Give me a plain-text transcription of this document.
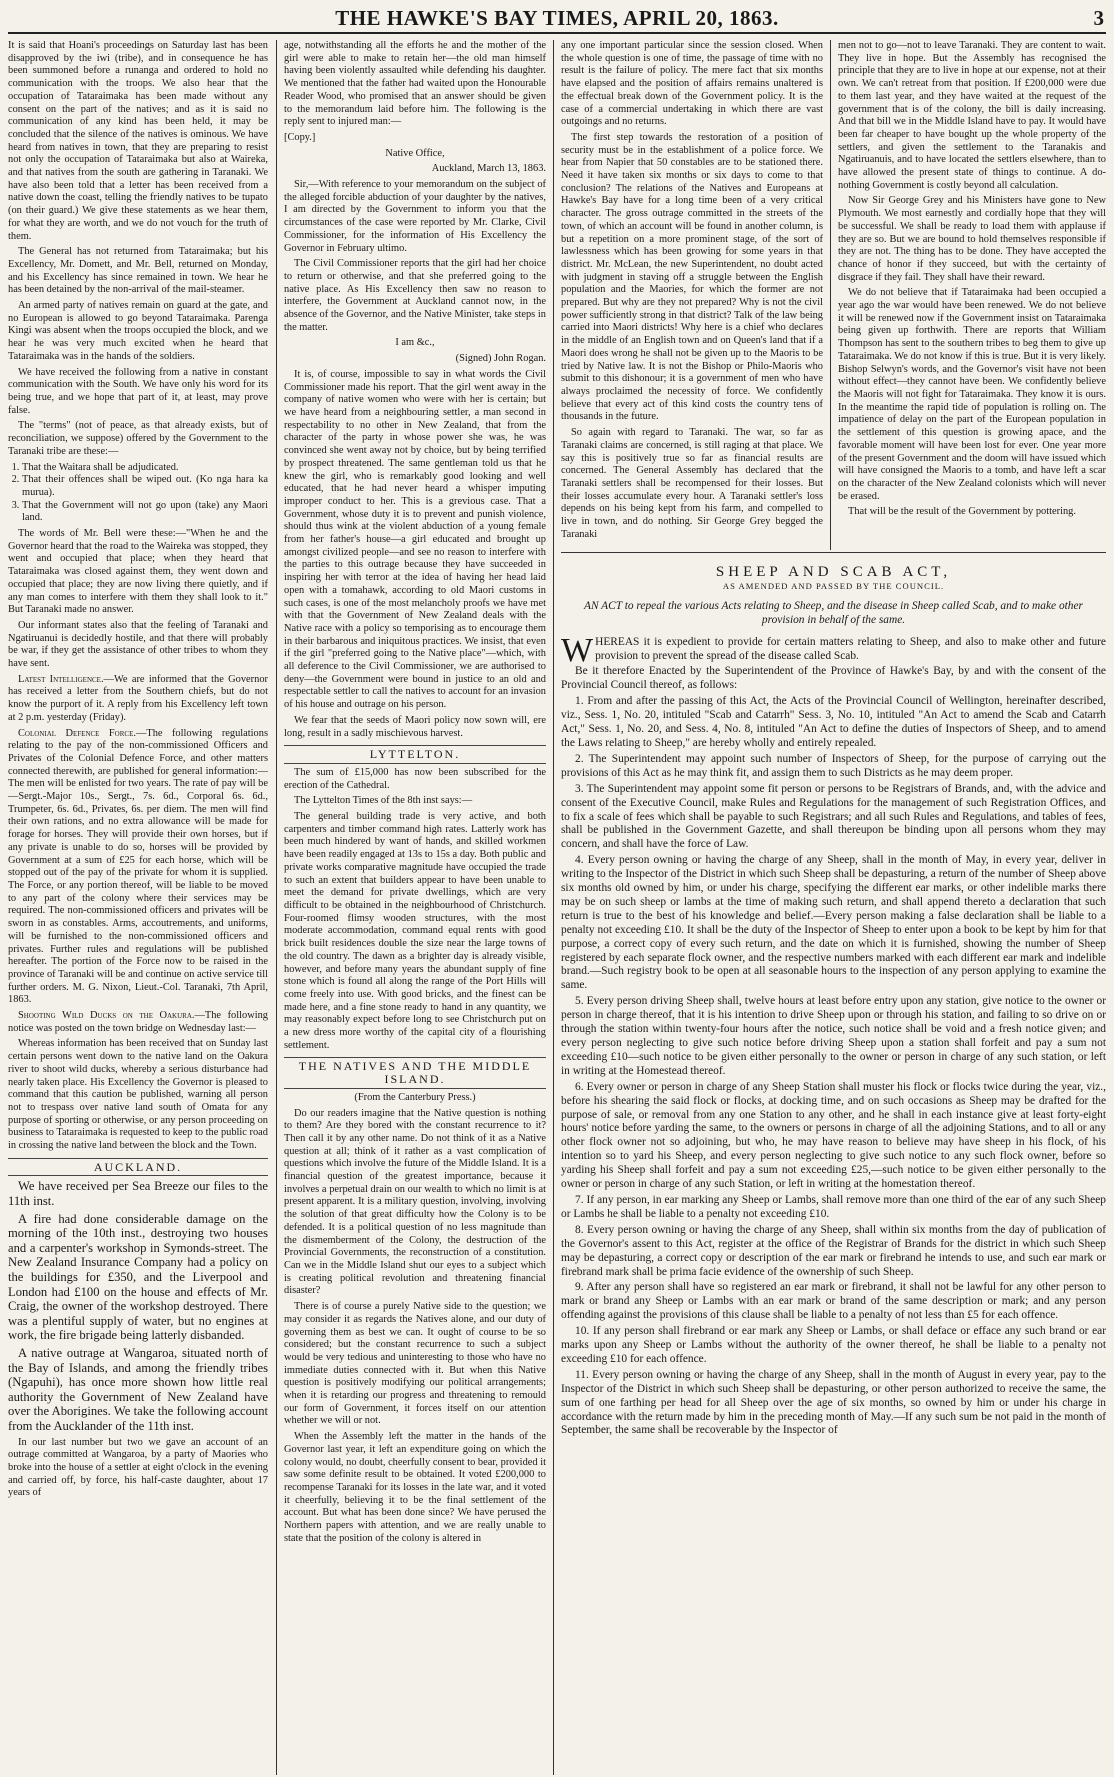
THE HAWKE'S BAY TIMES, APRIL 20, 1863.	3

It is said that Hoani's proceedings on Saturday last has been disapproved by the iwi (tribe), and in consequence he has been summoned before a runanga and ordered to hold no communication with the troops. We also hear that the occupation of Tataraimaka has been made without any consent on the part of the natives; and as it is said no communication of any kind has been held, it may be concluded that the silence of the natives is ominous. We have heard from natives in town, that they are preparing to resist not only the occupation of Tataraimaka but also at Waireka, and that natives from the south are gathering in Taranaki. We have also been told that a letter has been received from a native down the coast, telling the friendly natives to be tupato (on their guard.) We give these statements as we hear them, for what they are worth, and we do not vouch for the truth of them.

The General has not returned from Tataraimaka; but his Excellency, Mr. Domett, and Mr. Bell, returned on Monday, and his Excellency has since remained in town. We hear he has been detained by the non-arrival of the mail-steamer.

An armed party of natives remain on guard at the gate, and no European is allowed to go beyond Tataraimaka. Parenga Kingi was absent when the troops occupied the block, and we hear he was very much excited when he heard that Tataraimaka was in the hands of the soldiers.

We have received the following from a native in constant communication with the South. We have only his word for its being true, and we hope that part of it, at least, may prove false.

The "terms" (not of peace, as that already exists, but of reconciliation, we suppose) offered by the Government to the Taranaki tribe are these:—

1. That the Waitara shall be adjudicated.
2. That their offences shall be wiped out. (Ko nga hara ka murua).
3. That the Government will not go upon (take) any Maori land.

The words of Mr. Bell were these:—"When he and the Governor heard that the road to the Waireka was stopped, they went and occupied that place; when they heard that Tataraimaka was closed against them, they went down and occupied that place; they are now living there quietly, and if any man comes to interfere with them they shall look to it." But Taranaki made no answer.

Our informant states also that the feeling of Taranaki and Ngatiruanui is decidedly hostile, and that there will probably be war, if they get the assistance of other tribes to whom they have sent.

Latest Intelligence.—We are informed that the Governor has received a letter from the Southern chiefs, but do not know the purport of it. A reply from his Excellency left town at 2 p.m. yesterday (Friday).

Colonial Defence Force.—The following regulations relating to the pay of the non-commissioned Officers and Privates of the Colonial Defence Force, and other matters connected therewith, are published for general information:—The men will be enlisted for two years. The rate of pay will be—Sergt.-Major 10s., Sergt., 7s. 6d., Corporal 6s. 6d., Trumpeter, 6s. 6d., Privates, 6s. per diem. The men will find their own rations, and no extra allowance will be made for forage for horses. They will provide their own horses, but if any private is unable to do so, horses will be provided by Government at a sum of £25 for each horse, which will be stopped out of the pay of the private for whom it is supplied. The Force, or any portion thereof, will be liable to be moved to any part of the colony where their services may be required. The non-commissioned officers and privates will be sworn in as constables. Arms, accoutrements, and uniforms, will be furnished to the non-commissioned officers and privates. Further rules and regulations will be published hereafter. The portion of the Force now to be raised in the province of Taranaki will be and continue on active service till further orders. M. G. Nixon, Lieut.-Col. Taranaki, 7th April, 1863.

Shooting Wild Ducks on the Oakura.—The following notice was posted on the town bridge on Wednesday last:—

Whereas information has been received that on Sunday last certain persons went down to the native land on the Oakura river to shoot wild ducks, whereby a serious disturbance had nearly taken place. His Excellency the Governor is pleased to command that this caution be published, warning all person not to trespass over native land south of Omata for any purpose of sporting or otherwise, or any person proceeding on business to Tataraimaka is requested to keep to the public road in crossing the native land between the block and the Town.

AUCKLAND.

We have received per Sea Breeze our files to the 11th inst.

A fire had done considerable damage on the morning of the 10th inst., destroying two houses and a carpenter's workshop in Symonds-street. The New Zealand Insurance Company had a policy on the buildings for £350, and the Liverpool and London had £100 on the house and effects of Mr. Craig, the owner of the workshop destroyed. There was a plentiful supply of water, but no engines at work, the fire brigade being latterly disbanded.

A native outrage at Wangaroa, situated north of the Bay of Islands, and among the friendly tribes (Ngapuhi), has once more shown how little real authority the Government of New Zealand have over the Aborigines. We take the following account from the Aucklander of the 11th inst.

In our last number but two we gave an account of an outrage committed at Wangaroa, by a party of Maories who broke into the house of a settler at eight o'clock in the evening and carried off, by force, his half-caste daughter, about 17 years of

age, notwithstanding all the efforts he and the mother of the girl were able to make to retain her—the old man himself having been violently assaulted while defending his daughter. We mentioned that the father had waited upon the Honourable Reader Wood, who promised that an answer should be given to the memorandum laid before him. The following is the reply sent to injured man:—

[Copy.]

Native Office,

Auckland, March 13, 1863.

Sir,—With reference to your memorandum on the subject of the alleged forcible abduction of your daughter by the natives, I am directed by the Government to inform you that the circumstances of the case were reported by Mr. Clarke, Civil Commissioner, for the information of His Excellency the Governor in February ultimo.

The Civil Commissioner reports that the girl had her choice to return or otherwise, and that she preferred going to the native place. As His Excellency then saw no reason to interfere, the Government at Auckland cannot now, in the absence of the Governor, and the Native Minister, take steps in the matter.

I am &c.,

(Signed) John Rogan.

It is, of course, impossible to say in what words the Civil Commissioner made his report. That the girl went away in the company of native women who were with her is certain; but we have heard from a neighbouring settler, a man second in respectability to no other in New Zealand, that from the character of the party in whose power she was, he was convinced she went away not by choice, but by being terrified by prospect threatened. The same gentleman told us that he knew the girl, who is remarkably good looking and well educated, that he had never heard a whisper imputing improper conduct to her. This is a grevious case. That a Government, whose duty it is to prevent and punish violence, should thus wink at the violent abduction of a young female from her father's house—a girl educated and brought up amongst civilized people—and see no reason to interfere with the parties to this outrage because they have succeeded in inspiring her with terror at the idea of having her head laid open with a tomahawk, according to old Maori customs in such cases, is one of the most melancholy proofs we have met with that the Government of New Zealand deals with the Native race with a policy so temporising as to encourage them in their barbarous and iniquitous practices. We insist, that even if the girl "preferred going to the Native place"—which, with all deference to the Civil Commissioner, we are authorised to deny—the Government were bound in justice to an old and respectable settler to call the natives to account for an invasion of his house and outrage on his person.

We fear that the seeds of Maori policy now sown will, ere long, result in a sadly mischievous harvest.

LYTTELTON.

The sum of £15,000 has now been subscribed for the erection of the Cathedral.

The Lyttelton Times of the 8th inst says:—

The general building trade is very active, and both carpenters and timber command high rates. Latterly work has been much hindered by want of hands, and skilled workmen have been readily engaged at 13s to 15s a day. Both public and private works comparative magnitude have occupied the trade to such an extent that builders appear to have been unable to meet the demand for private dwellings, which are very difficult to be obtained in the neighbourhood of Christchurch. Four-roomed flimsy wooden structures, with the most moderate accommodation, command equal rents with good brick built residences double the size near the large towns of the old country. The dawn as a brighter day is already visible, however, and before many years the abundant supply of fine stone which is found all along the range of the Port Hills will come freely into use. With good bricks, and the finest can be made here, and a fine stone ready to hand in any quantity, we may reasonably expect before long to see Christchurch put on a new dress more worthy of the capital city of a flourishing settlement.

THE NATIVES AND THE MIDDLE ISLAND.

(From the Canterbury Press.)

Do our readers imagine that the Native question is nothing to them? Are they bored with the constant recurrence to it? Then call it by any other name. Do not think of it as a Native question at all; think of it rather as a vast complication of questions which involve the future of the Middle Island. It is a financial question of the greatest importance, because it involves a perpetual drain on our wealth to which no limit is at present apparent. It is a military question, involving, involving the solution of that great difficulty how the Colony is to be defended. It is a political question of no less magnitude than the dismemberment of the Colony, the destruction of the Provincial Governments, the reconstruction of a constitution. Can we in the Middle Island shut our eyes to a subject which is creating political revolution and threatening financial disaster?

There is of course a purely Native side to the question; we may consider it as regards the Natives alone, and our duty of governing them as best we can. It ought of course to be so considered; but the constant recurrence to such a subject would be very tedious and uninteresting to those who have no immediate duties connected with it. But when this Native question is positively modifying our political arrangements; when it is retarding our progress and threatening to remould our form of Government, it forces itself on our attention whether we will or not.

When the Assembly left the matter in the hands of the Governor last year, it left an expenditure going on which the colony would, no doubt, cheerfully consent to bear, provided it saw some definite result to be obtained. It voted £200,000 to recompense Taranaki for its losses in the late war, and it voted it cheerfully, believing it to be the final settlement of the account. But what has been done since? We have perused the Northern papers with attention, and we are really unable to state that the position of the colony is altered in

any one important particular since the session closed. When the whole question is one of time, the passage of time with no result is the failure of policy. The mere fact that six months have elapsed and the position of affairs remains unaltered is the effectual break down of the Government policy. It is the case of a commercial undertaking in which there are vast outgoings and no returns.

The first step towards the restoration of a position of security must be in the establishment of a police force. We hear from Napier that 50 constables are to be stationed there. Need it have taken six months or six days to come to that conclusion? The relations of the Natives and Europeans at Hawke's Bay have for a long time been of a very critical character. The gross outrage committed in the streets of the town, of which an account will be found in another column, is but a repetition on a more prominent stage, of the sort of lawlessness which has been growing for some years in that district. Mr. McLean, the new Superintendent, no doubt acted with judgment in staving off a struggle between the English population and the Maories, for which the former are not prepared. But why are they not prepared? Why is not the civil power sufficiently strong in that district? Talk of the law being carried into Maori districts! Why here is a chief who declares in the middle of an English town and on Queen's land that if a Maori does wrong he shall not be given up to the Maoris to be tried by Native law. It is not the Bishop or Philo-Maoris who submit to this dishonour; it is a government of men who have always proclaimed the necessity of force. We confidently believe that every act of this kind costs the country tens of thousands in the future.

So again with regard to Taranaki. The war, so far as Taranaki claims are concerned, is still raging at that place. We say this is positively true so far as financial results are concerned. The General Assembly has declared that the Taranaki settlers shall be recompensed for their losses. But their losses accumulate every hour. A Taranaki settler's loss depends on his being kept from his farm, and compelled to live in town, and do nothing. Sir George Grey begged the Taranaki

men not to go—not to leave Taranaki. They are content to wait. They live in hope. But the Assembly has recognised the principle that they are to live in hope at our expense, not at their own. We can't retreat from that position. If £200,000 were due to them last year, and they have waited at the request of the government that is of the colony, the bill is daily increasing. And that bill we in the Middle Island have to pay. It would have been far cheaper to have bought up the whole property of the settlers, and given the settlement to the Taranakis and Ngatiruanuis, and to have located the settlers elsewhere, than to have allowed the present state of things to continue. A do-nothing Government is costly beyond all calculation.

Now Sir George Grey and his Ministers have gone to New Plymouth. We most earnestly and cordially hope that they will be successful. We shall be ready to load them with applause if they are so. But we are bound to hold themselves responsible if they are not. The thing has to be done. They have accepted the chance of honor if they succeed, but with the certainty of disgrace if they fail. They shall have their reward.

We do not believe that if Tataraimaka had been occupied a year ago the war would have been renewed. We do not believe it will be renewed now if the Government insist on Tataraimaka being given up forthwith. There are reports that William Thompson has sent to the southern tribes to beg them to give up Tataraimaka. We do not know if this is true. But it is very likely. Bishop Selwyn's words, and the Governor's visit have not been without effect—they cannot have been. We confidently believe the Maoris will not fight for Tataraimaka. They know it is ours. In the meantime the rapid tide of population is rolling on. The impatience of delay on the part of the European population in the settlement of this question is growing apace, and the favorable moment will have been lost for ever. One year more of the present Government and the doom will have issued which will have consigned the Maoris to a tomb, and have left a scar on the character of the New Zealand colonists which will never be erased.

That will be the result of the Government by pottering.

SHEEP AND SCAB ACT,
AS AMENDED AND PASSED BY THE COUNCIL.
AN ACT to repeal the various Acts relating to Sheep, and the disease in Sheep called Scab, and to make other provision in behalf of the same.

WHEREAS it is expedient to provide for certain matters relating to Sheep, and also to make other and future provision to prevent the spread of the disease called Scab.

Be it therefore Enacted by the Superintendent of the Province of Hawke's Bay, by and with the consent of the Provincial Council thereof, as follows:

1. From and after the passing of this Act, the Acts of the Provincial Council of Wellington, hereinafter described, viz., Sess. 1, No. 20, intituled "Scab and Catarrh" Sess. 3, No. 10, intituled "An Act to amend the Scab and Catarrh Act," Sess. 1, No. 20, and Sess. 4, No. 8, intituled "An Act to define the duties of Inspectors of Sheep, and to amend the Laws relating to Sheep," are hereby wholly and entirely repealed.

2. The Superintendent may appoint such number of Inspectors of Sheep, for the purpose of carrying out the provisions of this Act as he may think fit, and assign them to such Districts as he may deem proper.

3. The Superintendent may appoint some fit person or persons to be Registrars of Brands, and, with the advice and consent of the Executive Council, make Rules and Regulations for the management of such Registration Offices, and to fix a scale of fees which shall be payable to such Registrars; and all such Rules and Regulations, and tables of fees, shall be published in the Government Gazette, and shall thereupon be binding upon all persons whom they may concern, and shall have the force of Law.

4. Every person owning or having the charge of any Sheep, shall in the month of May, in every year, deliver in writing to the Inspector of the District in which such Sheep shall be depasturing, a return of the number of Sheep above six months old owned by him, or under his charge, specifying the different ear marks, or other indelible marks there may be on such sheep or lambs at the time of making such return, and shall append thereto a declaration that such return is true to the best of his knowledge and belief.—Every person making a false declaration shall be liable to a penalty not exceeding £10. It shall be the duty of the Inspector of Sheep to enter upon a book to be kept by him for that purpose, a correct copy of every such return, and the date on which it is furnished, showing the number of Sheep registered by each separate flock owner, and the respective numbers marked with each different ear mark and indelible brand.—Such registry book to be open at all seasonable hours to the inspection of any person applying to examine the same.

5. Every person driving Sheep shall, twelve hours at least before entry upon any station, give notice to the owner or person in charge thereof, that it is his intention to drive Sheep upon or through his station, and failing to so drive on or through the station within twenty-four hours after the notice, such notice shall be void and a fresh notice given; and every person neglecting to give such notice before driving Sheep upon a station shall forfeit and pay a sum not exceeding £10—such notice to be given either personally to the owner or person in charge of any such station, or left in writing at the Homestead thereof.

6. Every owner or person in charge of any Sheep Station shall muster his flock or flocks twice during the year, viz., before his shearing the said flock or flocks, at docking time, and on such occasions as Sheep may be drafted for the purpose of sale, or removal from any one Station to any other, and he shall in each instance give at least forty-eight hours' notice before yarding the same, to the owners or persons in charge of all the adjoining Stations, and to all or any other flock owner not so adjoining, but who, he may have reason to believe may have sheep in his flock, of his intention so to yard his Sheep, and every person neglecting to give such notice to any such flock owner, before so yarding his Sheep shall forfeit and pay a sum not exceeding £25,—such notice to be given either personally to the owner or person in charge of any such Station, or left in writing at the homestation thereof.

7. If any person, in ear marking any Sheep or Lambs, shall remove more than one third of the ear of any such Sheep or Lambs he shall be liable to a penalty not exceeding £10.

8. Every person owning or having the charge of any Sheep, shall within six months from the day of publication of the Governor's assent to this Act, register at the office of the Registrar of Brands for the district in which such Sheep may be depasturing, a correct copy or description of the ear mark or firebrand he intends to use, and such ear mark or firebrand mark shall be prima facie evidence of the ownership of such Sheep.

9. After any person shall have so registered an ear mark or firebrand, it shall not be lawful for any other person to mark or brand any Sheep or Lambs with an ear mark or brand of the same description or mark; and any person offending against the provisions of this clause shall be liable to a penalty of not less than £5 for each offence.

10. If any person shall firebrand or ear mark any Sheep or Lambs, or shall deface or efface any such brand or ear marks upon any Sheep or Lambs without the authority of the owner thereof, he shall be liable to a penalty not exceeding £10 for each offence.

11. Every person owning or having the charge of any Sheep, shall in the month of August in every year, pay to the Inspector of the District in which such Sheep shall be depasturing, or other person authorized to receive the same, the sum of one farthing per head for all Sheep over the age of six months, so owned by him or under his charge in accordance with the return made by him in the preceding month of May.—If any such sum be not paid in the month of September, the same shall be recoverable by the Inspector of
